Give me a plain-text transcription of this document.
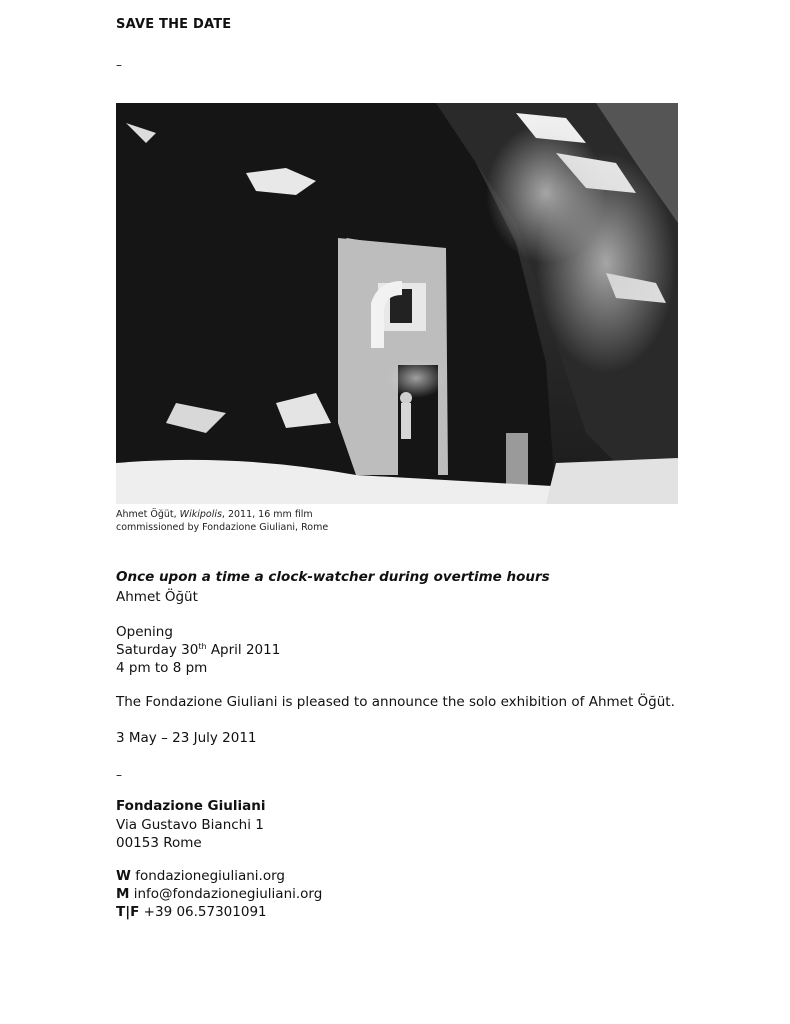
SAVE THE DATE
–
Ahmet Öğüt, Wikipolis, 2011, 16 mm film
commissioned by Fondazione Giuliani, Rome
Once upon a time a clock-watcher during overtime hours
Ahmet Öğüt
Opening
Saturday 30th April 2011
4 pm to 8 pm
The Fondazione Giuliani is pleased to announce the solo exhibition of Ahmet Öğüt.
3 May – 23 July 2011
–
Fondazione Giuliani
Via Gustavo Bianchi 1
00153 Rome
W fondazionegiuliani.org
M info@fondazionegiuliani.org
T|F +39 06.57301091
